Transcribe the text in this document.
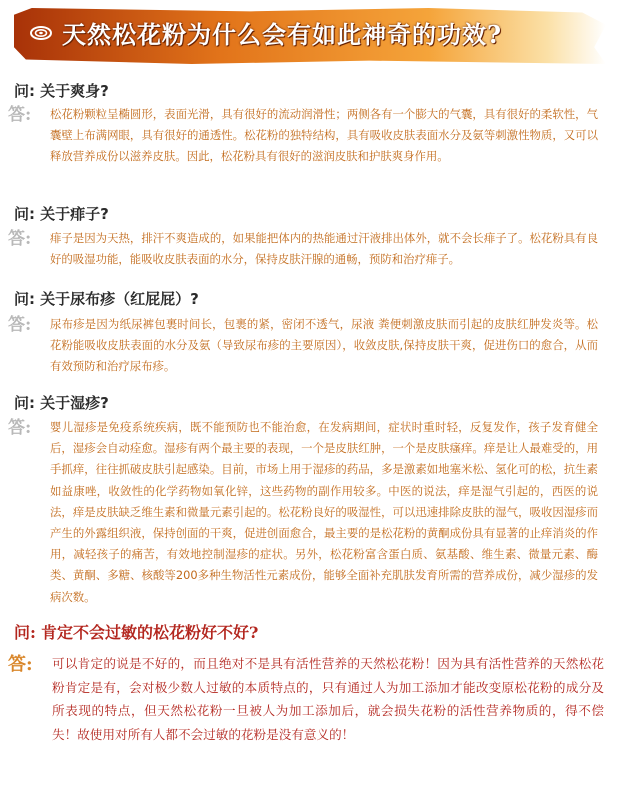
天然松花粉为什么会有如此神奇的功效?
问: 关于爽身?
答:	松花粉颗粒呈椭圆形，表面光滑，具有很好的流动润滑性；两侧各有一个膨大的气囊，具有很好的柔软性，气囊壁上布满网眼，具有很好的通透性。松花粉的独特结构，具有吸收皮肤表面水分及氨等刺激性物质，又可以释放营养成份以滋养皮肤。因此，松花粉具有很好的滋润皮肤和护肤爽身作用。

问: 关于痱子?
答:	痱子是因为天热，排汗不爽造成的，如果能把体内的热能通过汗液排出体外，就不会长痱子了。松花粉具有良好的吸湿功能，能吸收皮肤表面的水分，保持皮肤汗腺的通畅，预防和治疗痱子。

问: 关于尿布疹（红屁屁）?
答:	尿布疹是因为纸尿裤包裹时间长，包裹的紧，密闭不透气，尿液 粪便刺激皮肤而引起的皮肤红肿发炎等。松花粉能吸收皮肤表面的水分及氨（导致尿布疹的主要原因），收敛皮肤,保持皮肤干爽，促进伤口的愈合，从而有效预防和治疗尿布疹。

问: 关于湿疹?
答:	婴儿湿疹是免疫系统疾病，既不能预防也不能治愈，在发病期间，症状时重时轻，反复发作，孩子发育健全后，湿疹会自动痊愈。湿疹有两个最主要的表现，一个是皮肤红肿，一个是皮肤瘙痒。痒是让人最难受的，用手抓痒，往往抓破皮肤引起感染。目前，市场上用于湿疹的药品，多是激素如地塞米松、氢化可的松，抗生素如益康唑，收敛性的化学药物如氧化锌，这些药物的副作用较多。中医的说法，痒是湿气引起的，西医的说法，痒是皮肤缺乏维生素和微量元素引起的。松花粉良好的吸湿性，可以迅速排除皮肤的湿气，吸收因湿疹而产生的外露组织液，保持创面的干爽，促进创面愈合，最主要的是松花粉的黄酮成份具有显著的止痒消炎的作用，减轻孩子的痛苦，有效地控制湿疹的症状。另外，松花粉富含蛋白质、氨基酸、维生素、微量元素、酶类、黄酮、多糖、核酸等200多种生物活性元素成份，能够全面补充肌肤发育所需的营养成份，减少湿疹的发病次数。

问: 肯定不会过敏的松花粉好不好?
答:	可以肯定的说是不好的，而且绝对不是具有活性营养的天然松花粉！因为具有活性营养的天然松花粉肯定是有，会对极少数人过敏的本质特点的，只有通过人为加工添加才能改变原松花粉的成分及所表现的特点，但天然松花粉一旦被人为加工添加后，就会损失花粉的活性营养物质的，得不偿失！故使用对所有人都不会过敏的花粉是没有意义的！
